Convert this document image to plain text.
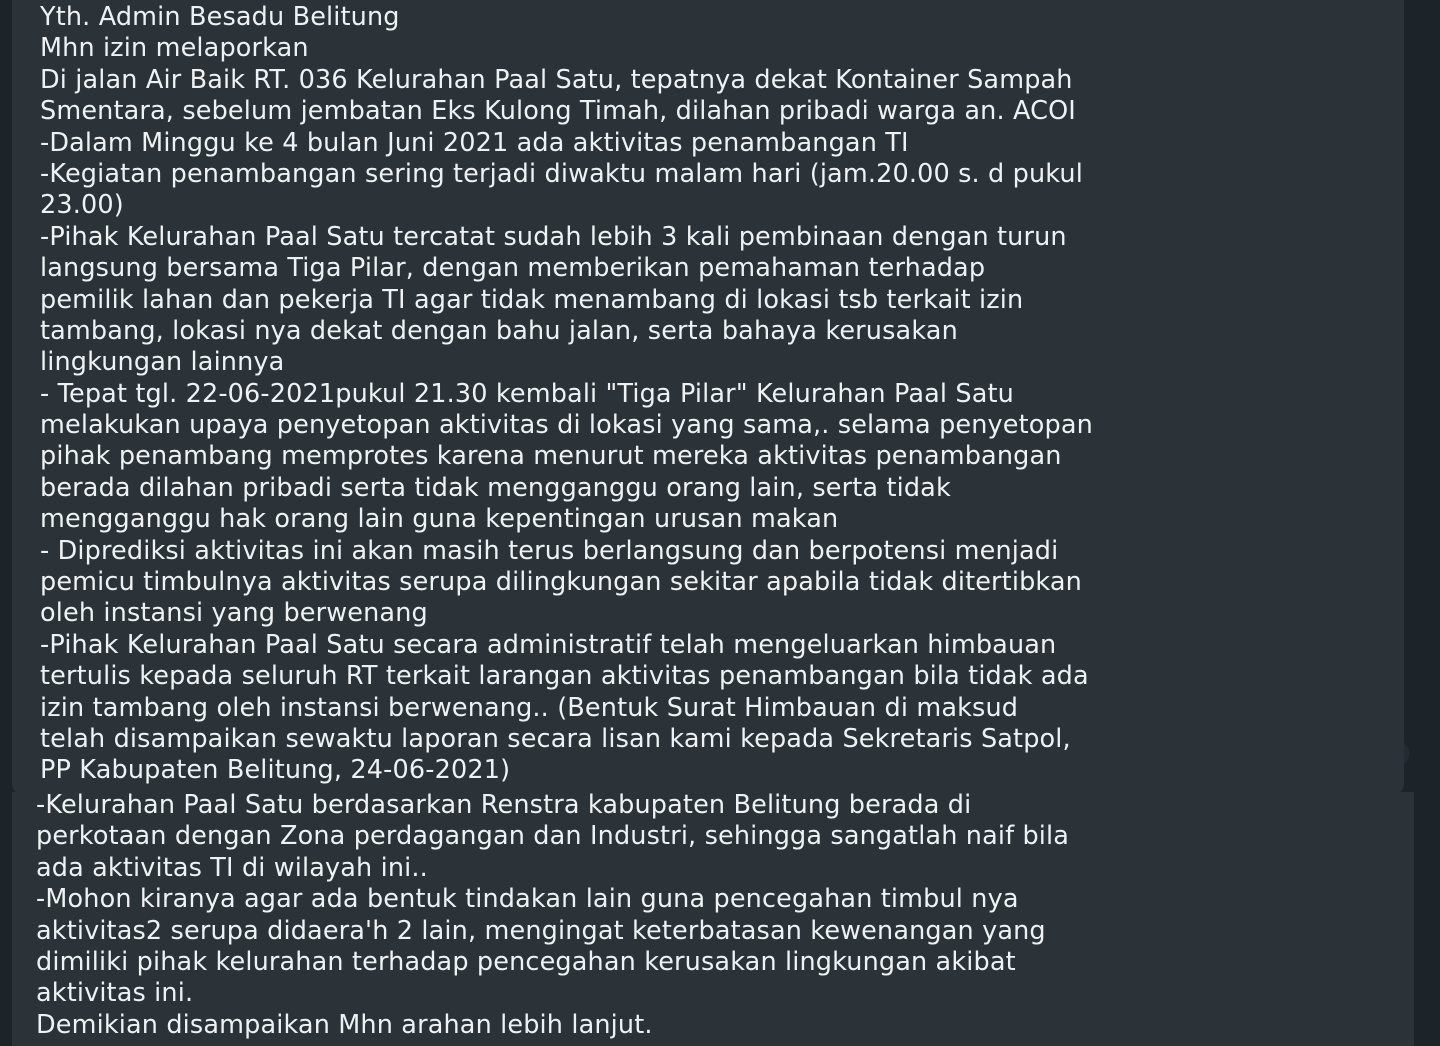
Yth. Admin Besadu Belitung
Mhn izin melaporkan
Di jalan Air Baik RT. 036 Kelurahan Paal Satu, tepatnya dekat Kontainer Sampah
Smentara, sebelum jembatan Eks Kulong Timah, dilahan pribadi warga an. ACOI
-Dalam Minggu ke 4 bulan Juni 2021 ada aktivitas penambangan TI
-Kegiatan penambangan sering terjadi diwaktu malam hari (jam.20.00 s. d pukul
23.00)
-Pihak Kelurahan Paal Satu tercatat sudah lebih 3 kali pembinaan dengan turun
langsung bersama Tiga Pilar, dengan memberikan pemahaman terhadap
pemilik lahan dan pekerja TI agar tidak menambang di lokasi tsb terkait izin
tambang, lokasi nya dekat dengan bahu jalan, serta bahaya kerusakan
lingkungan lainnya
- Tepat tgl. 22-06-2021pukul 21.30 kembali "Tiga Pilar" Kelurahan Paal Satu
melakukan upaya penyetopan aktivitas di lokasi yang sama,. selama penyetopan
pihak penambang memprotes karena menurut mereka aktivitas penambangan
berada dilahan pribadi serta tidak mengganggu orang lain, serta tidak
mengganggu hak orang lain guna kepentingan urusan makan
- Diprediksi aktivitas ini akan masih terus berlangsung dan berpotensi menjadi
pemicu timbulnya aktivitas serupa dilingkungan sekitar apabila tidak ditertibkan
oleh instansi yang berwenang
-Pihak Kelurahan Paal Satu secara administratif telah mengeluarkan himbauan
tertulis kepada seluruh RT terkait larangan aktivitas penambangan bila tidak ada
izin tambang oleh instansi berwenang.. (Bentuk Surat Himbauan di maksud
telah disampaikan sewaktu laporan secara lisan kami kepada Sekretaris Satpol,
PP Kabupaten Belitung, 24-06-2021)

-Kelurahan Paal Satu berdasarkan Renstra kabupaten Belitung berada di
perkotaan dengan Zona perdagangan dan Industri, sehingga sangatlah naif bila
ada aktivitas TI di wilayah ini..
-Mohon kiranya agar ada bentuk tindakan lain guna pencegahan timbul nya
aktivitas2 serupa didaera'h 2 lain, mengingat keterbatasan kewenangan yang
dimiliki pihak kelurahan terhadap pencegahan kerusakan lingkungan akibat
aktivitas ini.
Demikian disampaikan Mhn arahan lebih lanjut.
